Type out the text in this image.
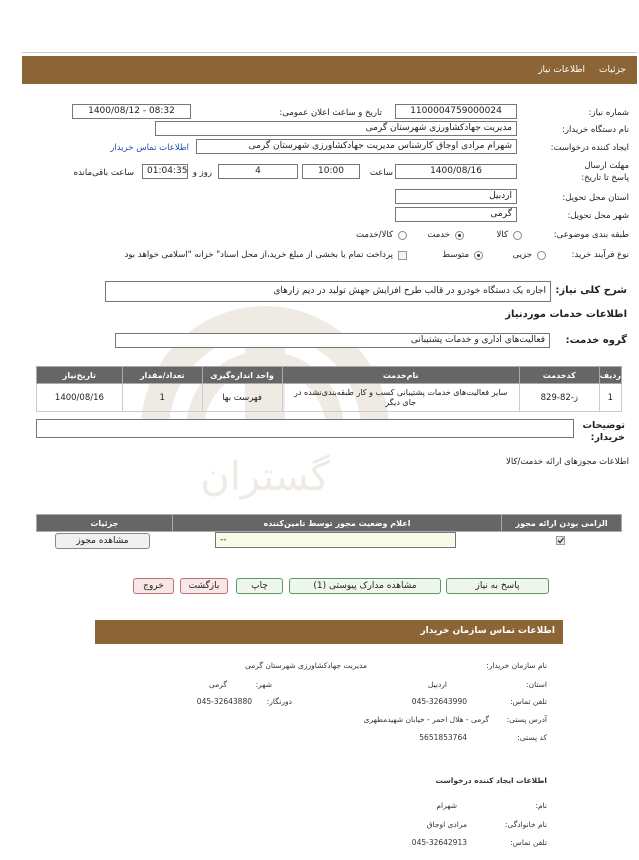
جزئیات
اطلاعات نیاز
گستران
شماره نیاز:
1100004759000024
تاریخ و ساعت اعلان عمومی:
1400/08/12 - 08:32
نام دستگاه خریدار:
مدیریت جهادکشاورزی شهرستان گرمی
ایجاد کننده درخواست:
شهرام مرادی اوجاق کارشناس مدیریت جهادکشاورزی شهرستان گرمی
اطلاعات تماس خریدار
مهلت ارسال پاسخ تا تاریخ:
1400/08/16
ساعت
10:00
4
روز و
01:04:35
ساعت باقی‌مانده
استان محل تحویل:
اردبیل
شهر محل تحویل:
گرمی
طبقه بندی موضوعی:
کالا
خدمت
کالا/خدمت
نوع فرآیند خرید:
جزیی
متوسط
پرداخت تمام یا بخشی از مبلغ خرید،از محل اسناد" خزانه "اسلامی خواهد بود
شرح کلی نیاز:
اجاره یک دستگاه خودرو در قالب طرح افزایش جهش تولید در دیم زارهای
اطلاعات خدمات موردنیاز
گروه خدمت:
فعالیت‌های اداری و خدمات پشتیبانی
تاریخ‌نیاز	تعداد/مقدار	واحد اندازه‌گیری	نام‌خدمت	کدخدمت	ردیف
1400/08/16	1	فهرست بها	سایر فعالیت‌های خدمات پشتیبانی کسب و کار طبقه‌بندی‌نشده در جای دیگر	ز-82-829	1
توضیحات خریدار:
اطلاعات مجوزهای ارائه خدمت/کالا
جزئیات	اعلام وضعیت مجوز توسط تامین‌کننده	الزامی بودن ارائه مجوز

مشاهده مجوز	--
پاسخ به نیاز
مشاهده مدارک پیوستی (1)
چاپ
بازگشت
خروج
اطلاعات تماس سازمان خریدار
نام سازمان خریدار:
مدیریت جهادکشاورزی شهرستان گرمی
استان:
اردبیل
شهر:
گرمی
تلفن تماس:
045-32643990
دورنگار:
045-32643880
آدرس پستی:
گرمی - هلال احمر - خیابان شهیدمطهری
کد پستی:
5651853764
اطلاعات ایجاد کننده درخواست
نام:
شهرام
نام خانوادگی:
مرادی اوجاق
تلفن تماس:
045-32642913
